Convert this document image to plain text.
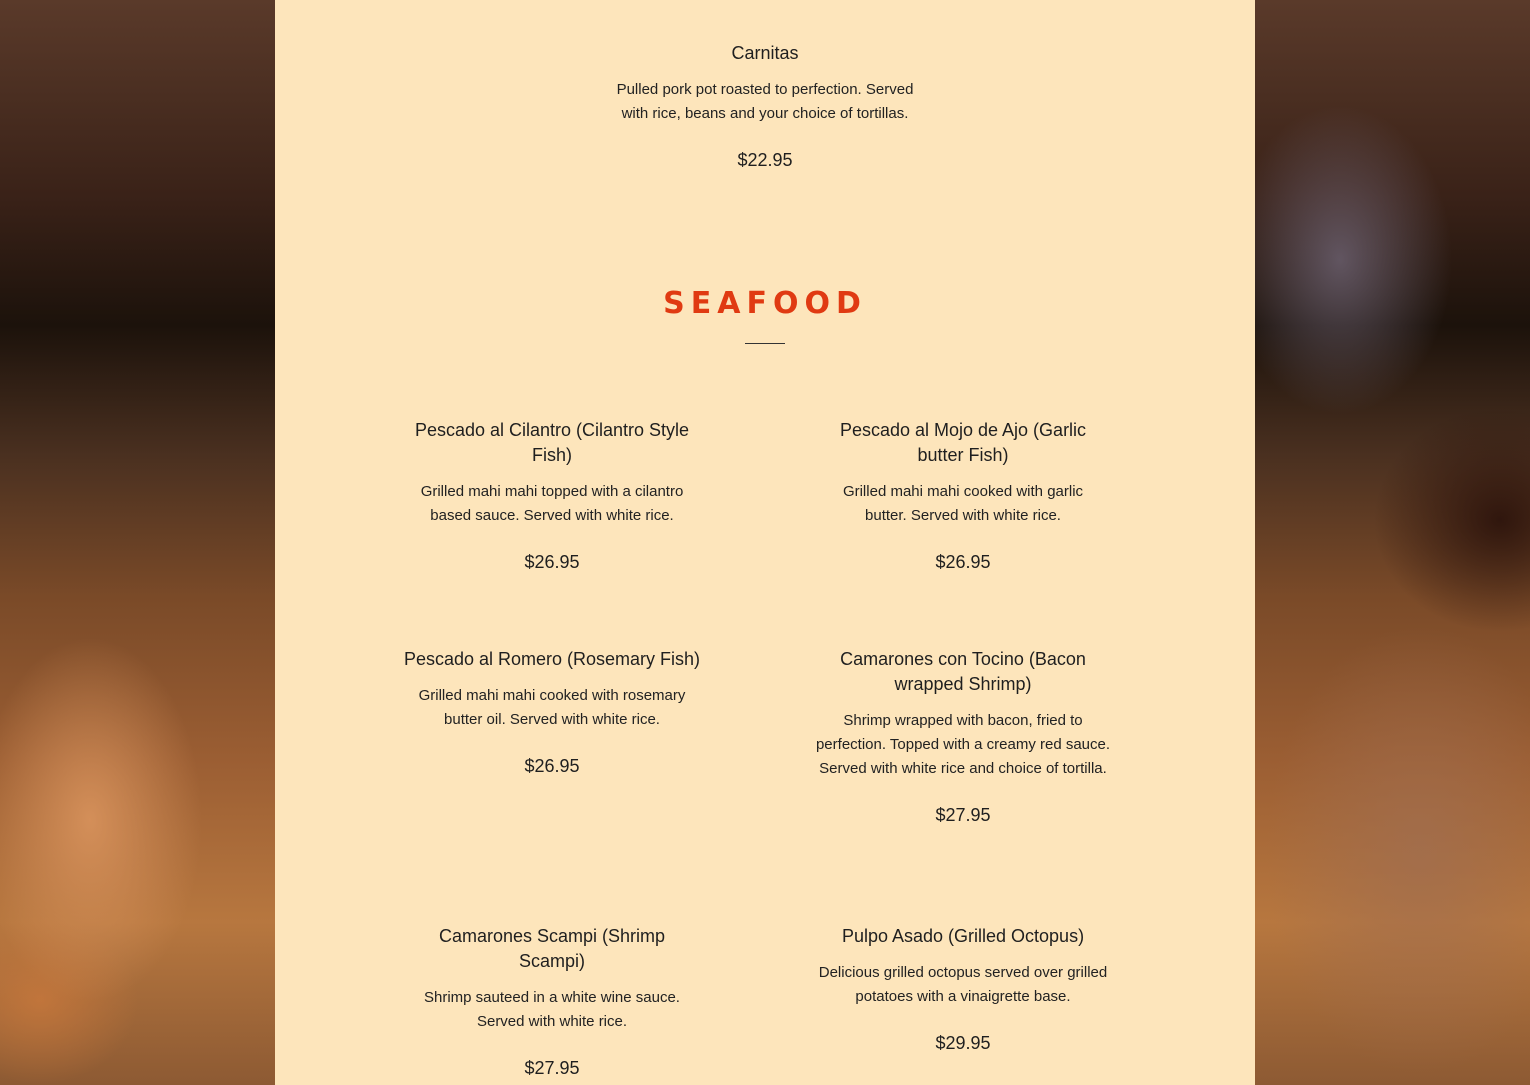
Carnitas

Pulled pork pot roasted to perfection. Served with rice, beans and your choice of tortillas.

$22.95

SEAFOOD
Pescado al Cilantro (Cilantro Style Fish)

Grilled mahi mahi topped with a cilantro based sauce. Served with white rice.

$26.95

Pescado al Mojo de Ajo (Garlic butter Fish)

Grilled mahi mahi cooked with garlic butter. Served with white rice.

$26.95

Pescado al Romero (Rosemary Fish)

Grilled mahi mahi cooked with rosemary butter oil. Served with white rice.

$26.95

Camarones con Tocino (Bacon wrapped Shrimp)

Shrimp wrapped with bacon, fried to perfection. Topped with a creamy red sauce. Served with white rice and choice of tortilla.

$27.95

Camarones Scampi (Shrimp Scampi)

Shrimp sauteed in a white wine sauce. Served with white rice.

$27.95

Pulpo Asado (Grilled Octopus)

Delicious grilled octopus served over grilled potatoes with a vinaigrette base.

$29.95
